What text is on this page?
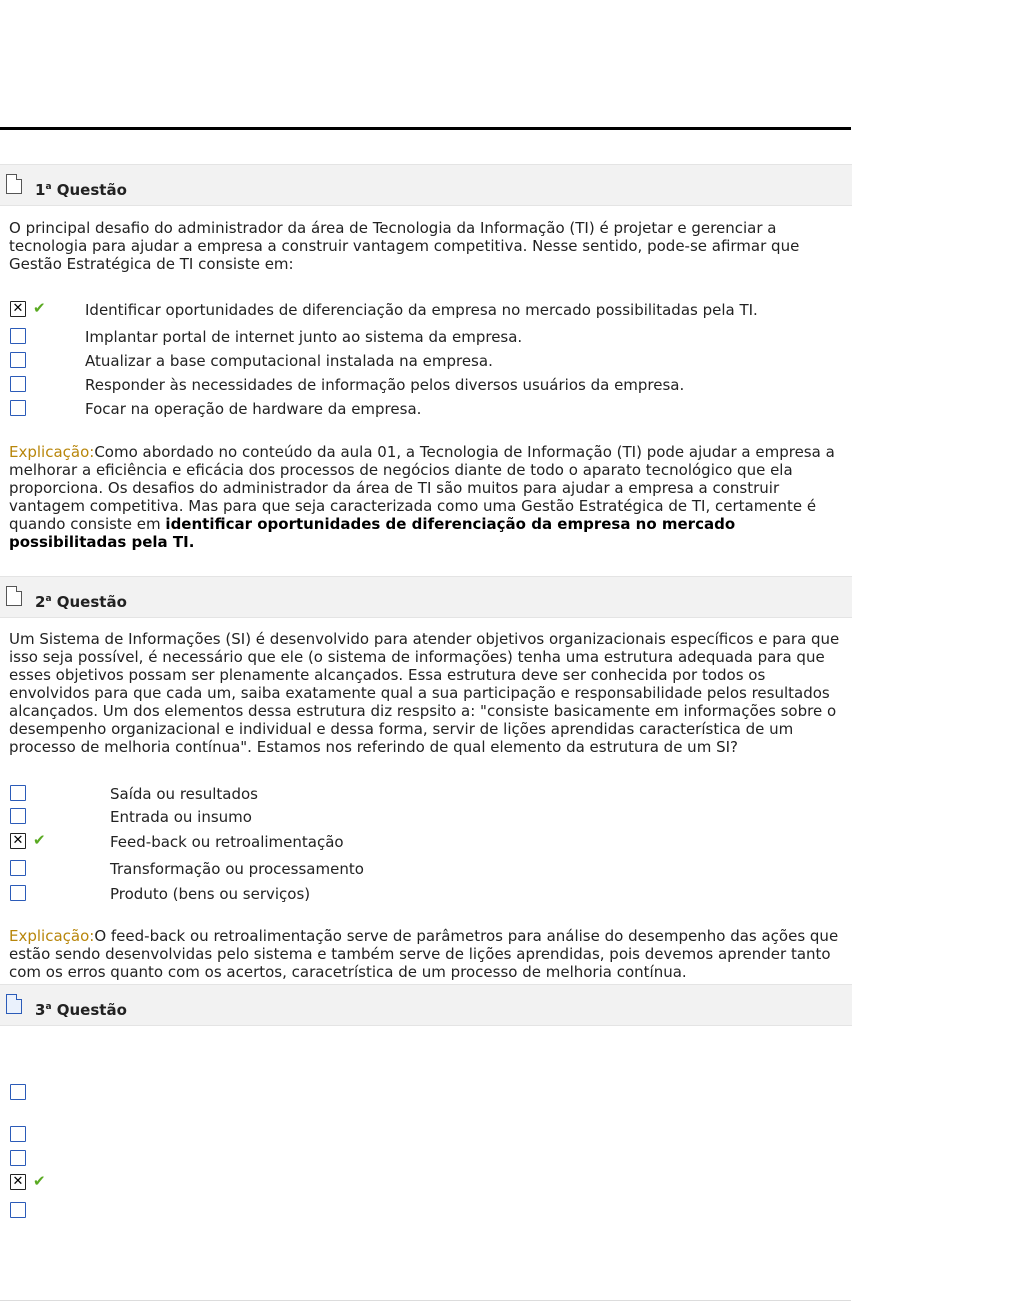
1$^a$ Questão
O principal desafio do administrador da área de Tecnologia da Informação (TI) é projetar e gerenciar a tecnologia para ajudar a empresa a construir vantagem competitiva. Nesse sentido, pode-se afirmar que Gestão Estratégica de TI consiste em:
✕ ✔	Identificar oportunidades de diferenciação da empresa no mercado possibilitadas pela TI.
Implantar portal de internet junto ao sistema da empresa.
Atualizar a base computacional instalada na empresa.
Responder às necessidades de informação pelos diversos usuários da empresa.
Focar na operação de hardware da empresa.
Explicação:Como abordado no conteúdo da aula 01, a Tecnologia de Informação (TI) pode ajudar a empresa a melhorar a eficiência e eficácia dos processos de negócios diante de todo o aparato tecnológico que ela proporciona. Os desafios do administrador da área de TI são muitos para ajudar a empresa a construir vantagem competitiva. Mas para que seja caracterizada como uma Gestão Estratégica de TI, certamente é quando consiste em identificar oportunidades de diferenciação da empresa no mercado possibilitadas pela TI.
2$^a$ Questão
Um Sistema de Informações (SI) é desenvolvido para atender objetivos organizacionais específicos e para que isso seja possível, é necessário que ele (o sistema de informações) tenha uma estrutura adequada para que esses objetivos possam ser plenamente alcançados. Essa estrutura deve ser conhecida por todos os envolvidos para que cada um, saiba exatamente qual a sua participação e responsabilidade pelos resultados alcançados. Um dos elementos dessa estrutura diz respsito a: "consiste basicamente em informações sobre o desempenho organizacional e individual e dessa forma, servir de lições aprendidas característica de um processo de melhoria contínua". Estamos nos referindo de qual elemento da estrutura de um SI?
Saída ou resultados
Entrada ou insumo
✕ ✔	Feed-back ou retroalimentação
Transformação ou processamento
Produto (bens ou serviços)
Explicação:O feed-back ou retroalimentação serve de parâmetros para análise do desempenho das ações que estão sendo desenvolvidas pelo sistema e também serve de lições aprendidas, pois devemos aprender tanto com os erros quanto com os acertos, caracetrística de um processo de melhoria contínua.
3$^a$ Questão
✕ ✔
